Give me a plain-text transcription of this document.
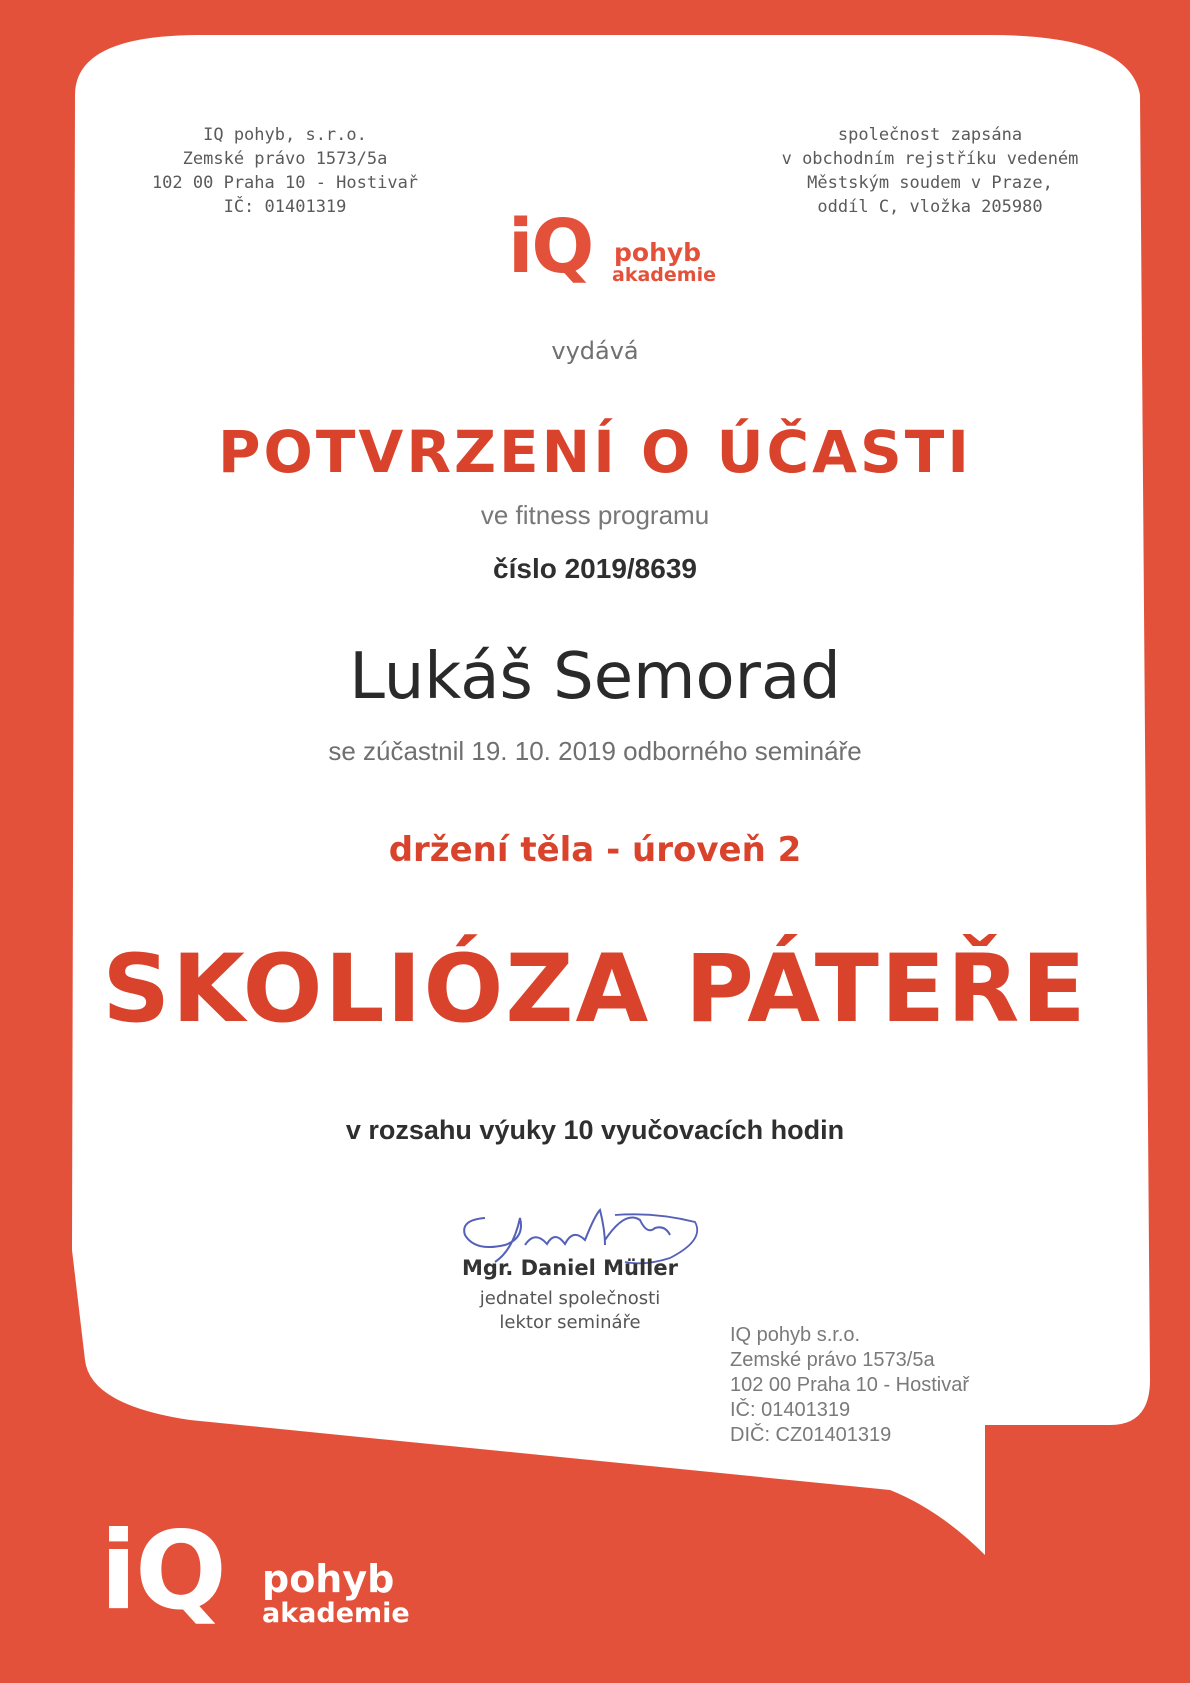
IQ pohyb, s.r.o.
Zemské právo 1573/5a
102 00 Praha 10 - Hostivař
IČ: 01401319
společnost zapsána
v obchodním rejstříku vedeném
Městským soudem v Praze,
oddíl C, vložka 205980
iQ pohyb
akademie

vydává

POTVRZENÍ O ÚČASTI

ve fitness programu

číslo 2019/8639

Lukáš Semorad

se zúčastnil 19. 10. 2019 odborného semináře

držení těla - úroveň 2

SKOLIÓZA PÁTEŘE

v rozsahu výuky 10 vyučovacích hodin

Mgr. Daniel Müller

jednatel společnosti

lektor semináře

IQ pohyb s.r.o.
Zemské právo 1573/5a
102 00 Praha 10 - Hostivař
IČ: 01401319
DIČ: CZ01401319
iQ pohyb
akademie
